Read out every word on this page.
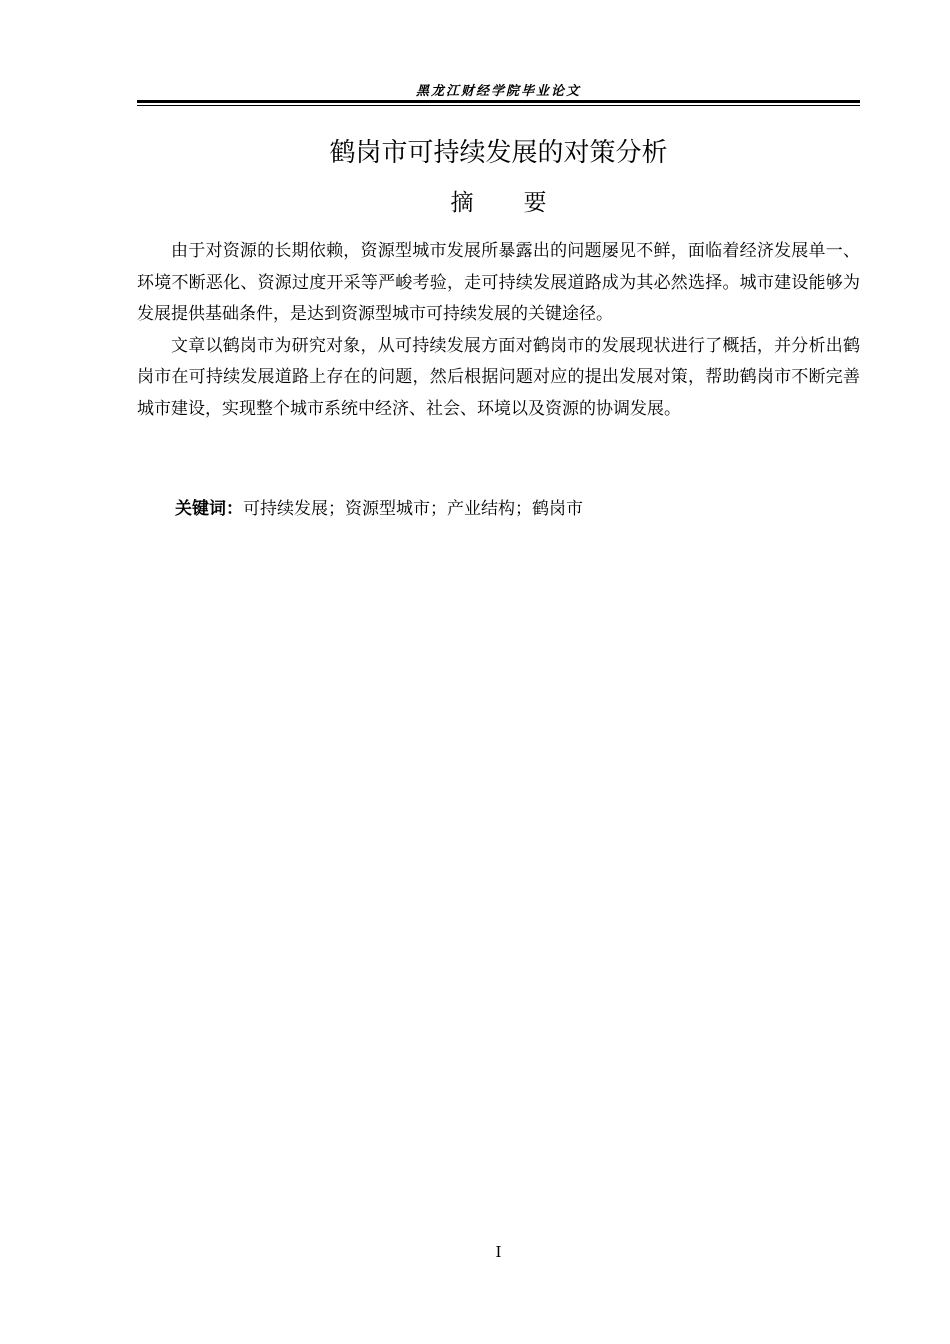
黑龙江财经学院毕业论文
鹤岗市可持续发展的对策分析
摘要

由于对资源的长期依赖，资源型城市发展所暴露出的问题屡见不鲜，面临着经济发展单一、环境不断恶化、资源过度开采等严峻考验，走可持续发展道路成为其必然选择。城市建设能够为发展提供基础条件，是达到资源型城市可持续发展的关键途径。

文章以鹤岗市为研究对象，从可持续发展方面对鹤岗市的发展现状进行了概括，并分析出鹤岗市在可持续发展道路上存在的问题，然后根据问题对应的提出发展对策，帮助鹤岗市不断完善城市建设，实现整个城市系统中经济、社会、环境以及资源的协调发展。

关键词：可持续发展；资源型城市；产业结构；鹤岗市
I
